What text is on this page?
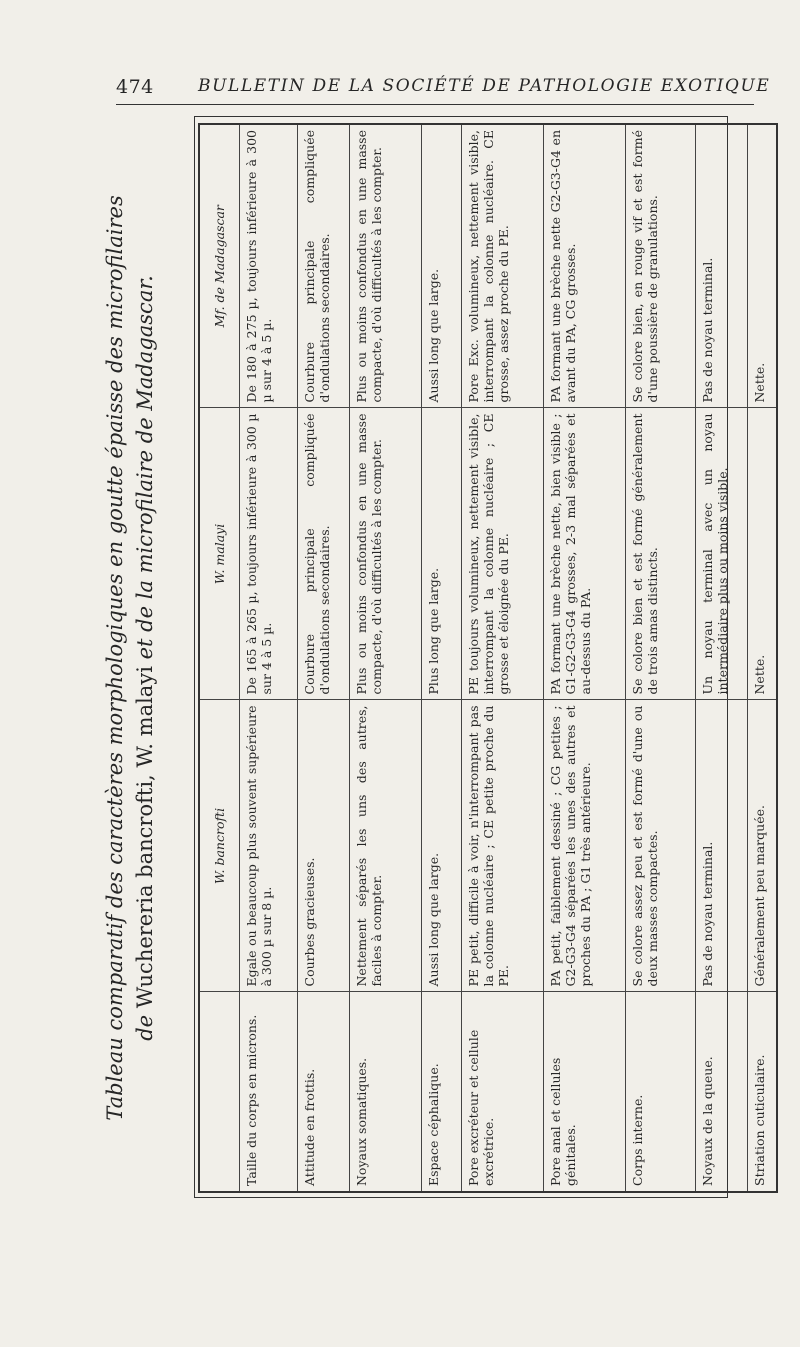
474	BULLETIN DE LA SOCIÉTÉ DE PATHOLOGIE EXOTIQUE
Tableau comparatif des caractères morphologiques en goutte épaisse des microfilaires de Wuchereria bancrofti, W. malayi et de la microfilaire de Madagascar.
	W. bancrofti	W. malayi	Mf. de Madagascar
Taille du corps en microns.	Egale ou beaucoup plus souvent supérieure à 300 µ sur 8 µ.	De 165 à 265 µ, toujours inférieure à 300 µ sur 4 à 5 µ.	De 180 à 275 µ, toujours inférieure à 300 µ sur 4 à 5 µ.
Attitude en frottis.	Courbes gracieuses.	Courbure principale compliquée d'ondulations secondaires.	Courbure principale compliquée d'ondulations secondaires.
Noyaux somatiques.	Nettement séparés les uns des autres, faciles à compter.	Plus ou moins confondus en une masse compacte, d'où difficultés à les compter.	Plus ou moins confondus en une masse compacte, d'où difficultés à les compter.
Espace céphalique.	Aussi long que large.	Plus long que large.	Aussi long que large.
Pore excréteur et cellule excrétrice.	PE petit, difficile à voir, n'interrompant pas la colonne nucléaire ; CE petite proche du PE.	PE toujours volumineux, nettement visible, interrompant la colonne nucléaire ; CE grosse et éloignée du PE.	Pore Exc. volumineux, nettement visible, interrompant la colonne nucléaire. CE grosse, assez proche du PE.
Pore anal et cellules génitales.	PA petit, faiblement dessiné ; CG petites ; G2-G3-G4 séparées les unes des autres et proches du PA ; G1 très antérieure.	PA formant une brèche nette, bien visible ; G1-G2-G3-G4 grosses, 2-3 mal séparées et au-dessus du PA.	PA formant une brèche nette G2-G3-G4 en avant du PA, CG grosses.
Corps interne.	Se colore assez peu et est formé d'une ou deux masses compactes.	Se colore bien et est formé généralement de trois amas distincts.	Se colore bien, en rouge vif et est formé d'une poussière de granulations.
Noyaux de la queue.	Pas de noyau terminal.	Un noyau terminal avec un noyau intermédiaire plus ou moins visible.	Pas de noyau terminal.
Striation cuticulaire.	Généralement peu marquée.	Nette.	Nette.
